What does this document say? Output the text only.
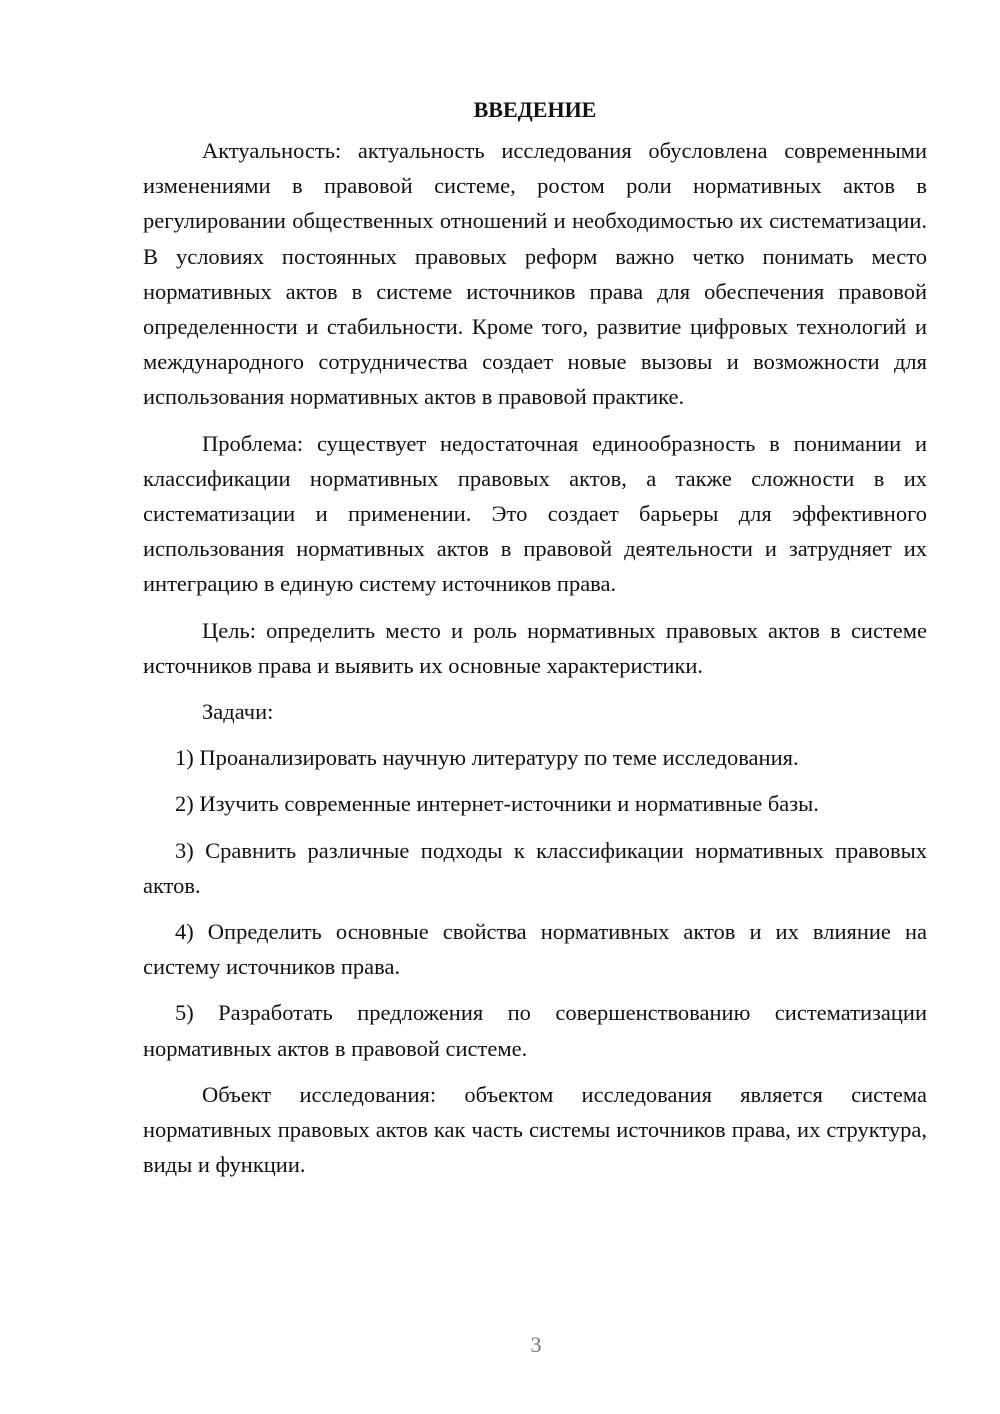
ВВЕДЕНИЕ

Актуальность: актуальность исследования обусловлена современными изменениями в правовой системе, ростом роли нормативных актов в регулировании общественных отношений и необходимостью их систематизации. В условиях постоянных правовых реформ важно четко понимать место нормативных актов в системе источников права для обеспечения правовой определенности и стабильности. Кроме того, развитие цифровых технологий и международного сотрудничества создает новые вызовы и возможности для использования нормативных актов в правовой практике.

Проблема: существует недостаточная единообразность в понимании и классификации нормативных правовых актов, а также сложности в их систематизации и применении. Это создает барьеры для эффективного использования нормативных актов в правовой деятельности и затрудняет их интеграцию в единую систему источников права.

Цель: определить место и роль нормативных правовых актов в системе источников права и выявить их основные характеристики.

Задачи:

1) Проанализировать научную литературу по теме исследования.

2) Изучить современные интернет-источники и нормативные базы.

3) Сравнить различные подходы к классификации нормативных правовых актов.

4) Определить основные свойства нормативных актов и их влияние на систему источников права.

5) Разработать предложения по совершенствованию систематизации нормативных актов в правовой системе.

Объект исследования: объектом исследования является система нормативных правовых актов как часть системы источников права, их структура, виды и функции.

3
